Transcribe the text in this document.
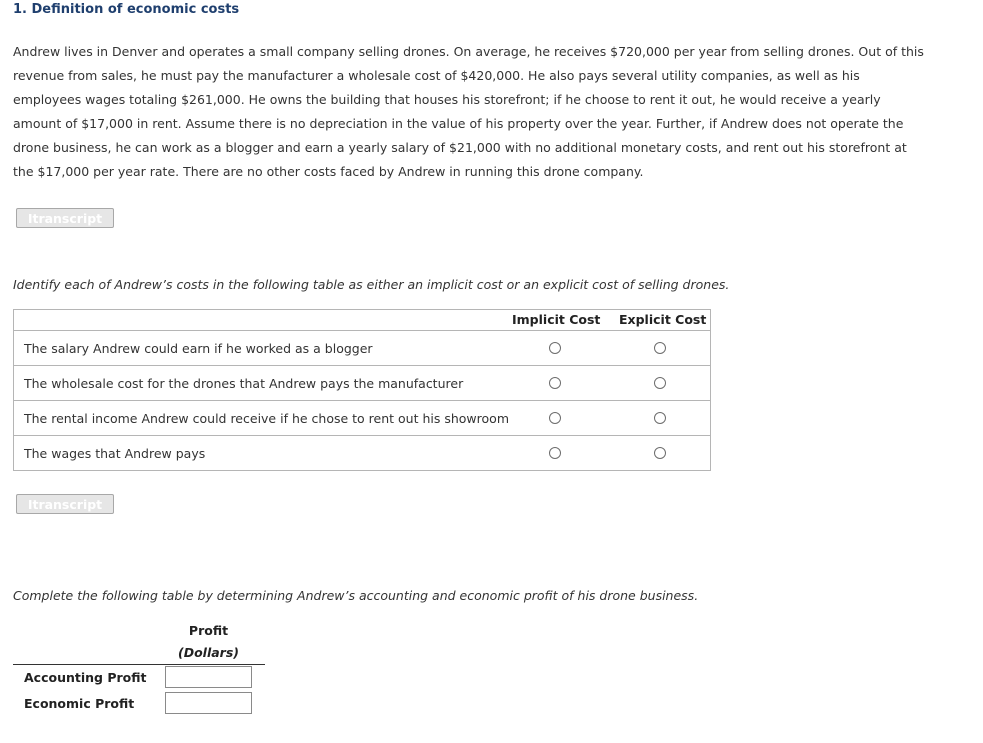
1. Definition of economic costs
Andrew lives in Denver and operates a small company selling drones. On average, he receives $720,000 per year from selling drones. Out of this revenue from sales, he must pay the manufacturer a wholesale cost of $420,000. He also pays several utility companies, as well as his employees wages totaling $261,000. He owns the building that houses his storefront; if he choose to rent it out, he would receive a yearly amount of $17,000 in rent. Assume there is no depreciation in the value of his property over the year. Further, if Andrew does not operate the drone business, he can work as a blogger and earn a yearly salary of $21,000 with no additional monetary costs, and rent out his storefront at the $17,000 per year rate. There are no other costs faced by Andrew in running this drone company.
Itranscript
Identify each of Andrew’s costs in the following table as either an implicit cost or an explicit cost of selling drones.
Implicit Cost Explicit Cost
The salary Andrew could earn if he worked as a blogger
The wholesale cost for the drones that Andrew pays the manufacturer
The rental income Andrew could receive if he chose to rent out his showroom
The wages that Andrew pays
Itranscript
Complete the following table by determining Andrew’s accounting and economic profit of his drone business.
Profit
(Dollars)
Accounting Profit
Economic Profit
